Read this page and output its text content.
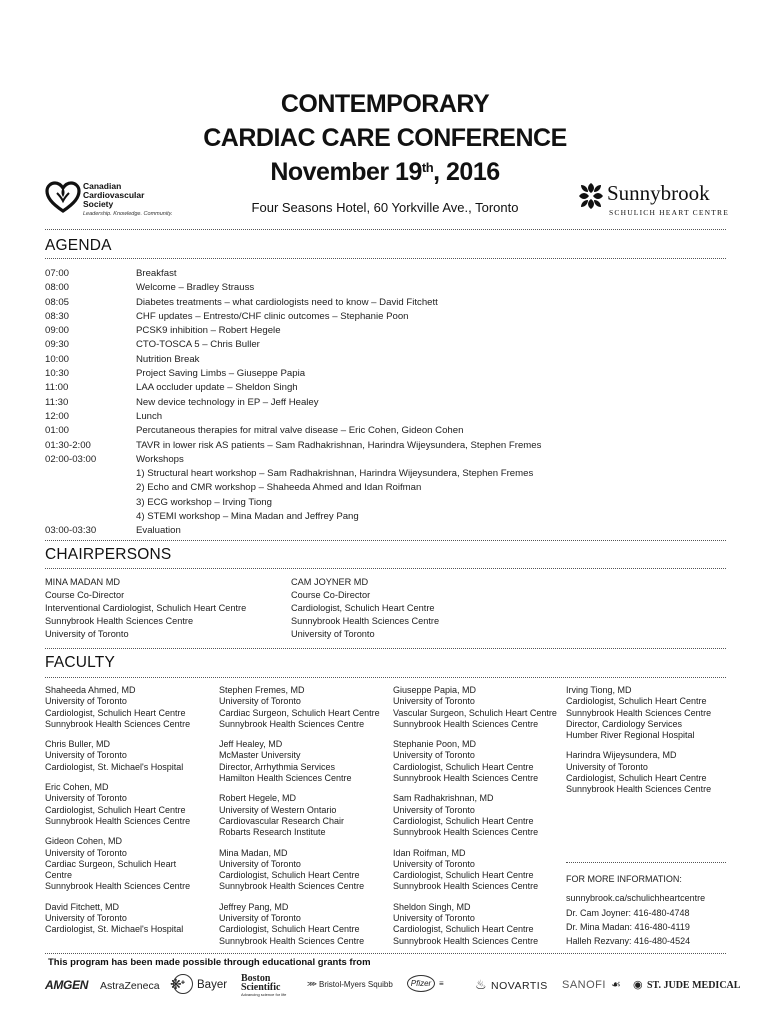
CONTEMPORARY
CARDIAC CARE CONFERENCE
November 19th, 2016
Four Seasons Hotel, 60 Yorkville Ave., Toronto
Canadian
Cardiovascular
Society
Leadership. Knowledge. Community.
Sunnybrook
SCHULICH HEART CENTRE
AGENDA
07:00	Breakfast
08:00	Welcome – Bradley Strauss
08:05	Diabetes treatments – what cardiologists need to know – David Fitchett
08:30	CHF updates – Entresto/CHF clinic outcomes – Stephanie Poon
09:00	PCSK9 inhibition – Robert Hegele
09:30	CTO-TOSCA 5 – Chris Buller
10:00	Nutrition Break
10:30	Project Saving Limbs – Giuseppe Papia
11:00	LAA occluder update – Sheldon Singh
11:30	New device technology in EP – Jeff Healey
12:00	Lunch
01:00	Percutaneous therapies for mitral valve disease – Eric Cohen, Gideon Cohen
01:30-2:00	TAVR in lower risk AS patients – Sam Radhakrishnan, Harindra Wijeysundera, Stephen Fremes
02:00-03:00	Workshops
1) Structural heart workshop – Sam Radhakrishnan, Harindra Wijeysundera, Stephen Fremes
2) Echo and CMR workshop – Shaheeda Ahmed and Idan Roifman
3) ECG workshop – Irving Tiong
4) STEMI workshop – Mina Madan and Jeffrey Pang
03:00-03:30	Evaluation
CHAIRPERSONS
MINA MADAN MD
Course Co-Director
Interventional Cardiologist, Schulich Heart Centre
Sunnybrook Health Sciences Centre
University of Toronto
CAM JOYNER MD
Course Co-Director
Cardiologist, Schulich Heart Centre
Sunnybrook Health Sciences Centre
University of Toronto
FACULTY
Shaheeda Ahmed, MD
University of Toronto
Cardiologist, Schulich Heart Centre
Sunnybrook Health Sciences Centre
Chris Buller, MD
University of Toronto
Cardiologist, St. Michael's Hospital
Eric Cohen, MD
University of Toronto
Cardiologist, Schulich Heart Centre
Sunnybrook Health Sciences Centre
Gideon Cohen, MD
University of Toronto
Cardiac Surgeon, Schulich Heart
Centre
Sunnybrook Health Sciences Centre
David Fitchett, MD
University of Toronto
Cardiologist, St. Michael's Hospital
Stephen Fremes, MD
University of Toronto
Cardiac Surgeon, Schulich Heart Centre
Sunnybrook Health Sciences Centre
Jeff Healey, MD
McMaster University
Director, Arrhythmia Services
Hamilton Health Sciences Centre
Robert Hegele, MD
University of Western Ontario
Cardiovascular Research Chair
Robarts Research Institute
Mina Madan, MD
University of Toronto
Cardiologist, Schulich Heart Centre
Sunnybrook Health Sciences Centre
Jeffrey Pang, MD
University of Toronto
Cardiologist, Schulich Heart Centre
Sunnybrook Health Sciences Centre
Giuseppe Papia, MD
University of Toronto
Vascular Surgeon, Schulich Heart Centre
Sunnybrook Health Sciences Centre
Stephanie Poon, MD
University of Toronto
Cardiologist, Schulich Heart Centre
Sunnybrook Health Sciences Centre
Sam Radhakrishnan, MD
University of Toronto
Cardiologist, Schulich Heart Centre
Sunnybrook Health Sciences Centre
Idan Roifman, MD
University of Toronto
Cardiologist, Schulich Heart Centre
Sunnybrook Health Sciences Centre
Sheldon Singh, MD
University of Toronto
Cardiologist, Schulich Heart Centre
Sunnybrook Health Sciences Centre
Irving Tiong, MD
Cardiologist, Schulich Heart Centre
Sunnybrook Health Sciences Centre
Director, Cardiology Services
Humber River Regional Hospital
Harindra Wijeysundera, MD
University of Toronto
Cardiologist, Schulich Heart Centre
Sunnybrook Health Sciences Centre
FOR MORE INFORMATION:
sunnybrook.ca/schulichheartcentre
Dr. Cam Joyner: 416-480-4748
Dr. Mina Madan: 416-480-4119
Halleh Rezvany: 416-480-4524
This program has been made possible through educational grants from
AMGEN AstraZeneca ❋ ✚	Bayer
Boston Scientific
Advancing science for life
⋙ Bristol-Myers Squibb	Pfizer ≡ ♨ NOVARTIS SANOFI ☙ ◉ ST. JUDE MEDICAL
